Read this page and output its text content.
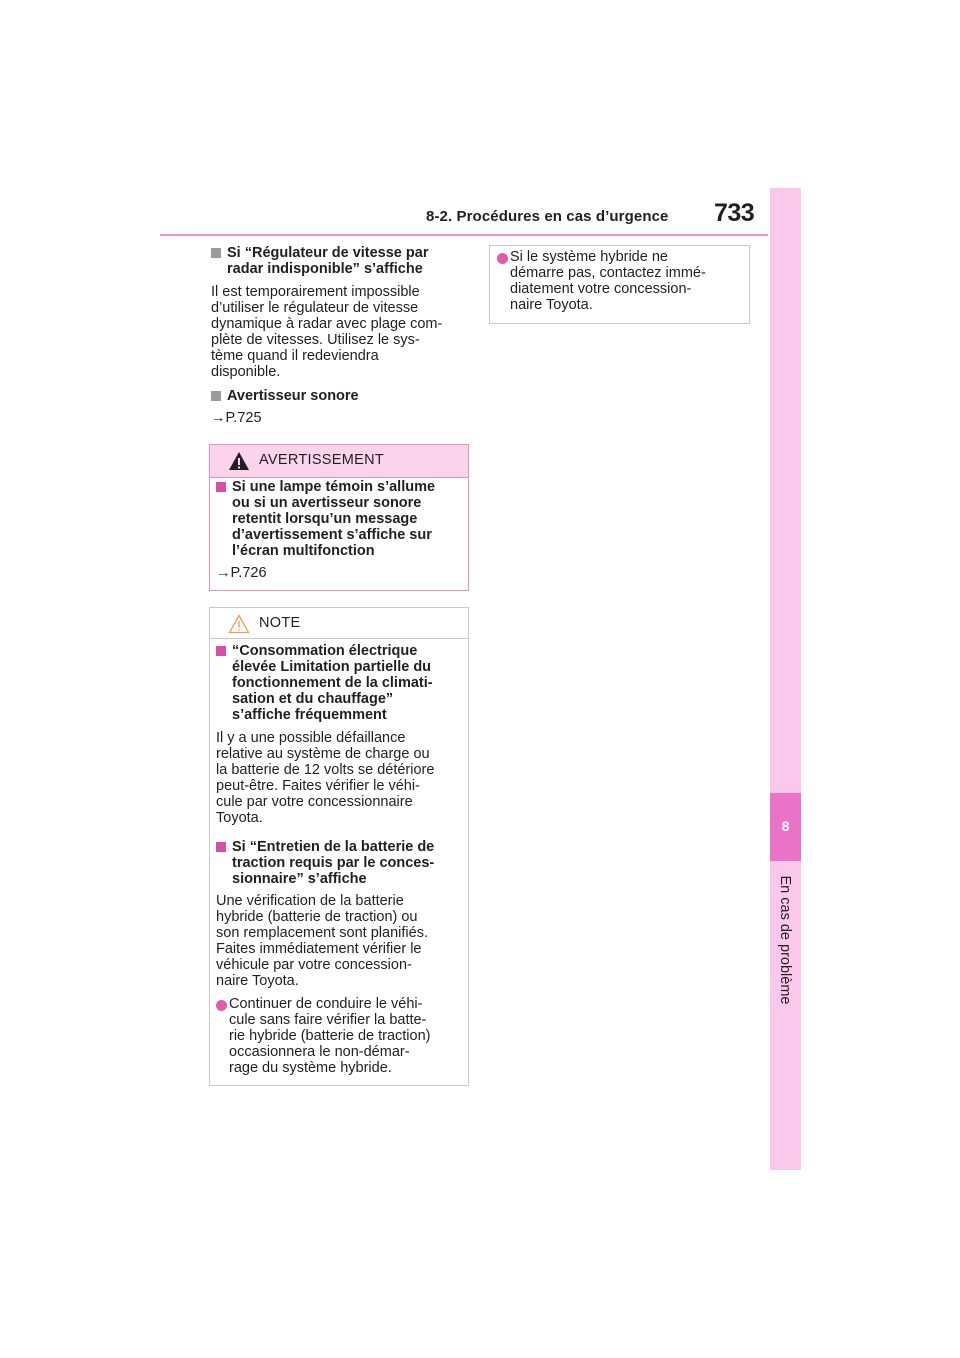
8-2. Procédures en cas d’urgence 733
8
En cas de problème
Si “Régulateur de vitesse par
radar indisponible” s’affiche
Il est temporairement impossible
d’utiliser le régulateur de vitesse
dynamique à radar avec plage com-
plète de vitesses. Utilisez le sys-
tème quand il redeviendra
disponible.
Avertisseur sonore
→P.725
AVERTISSEMENT
Si une lampe témoin s’allume
ou si un avertisseur sonore
retentit lorsqu’un message
d’avertissement s’affiche sur
l’écran multifonction
→P.726
NOTE
“Consommation électrique
élevée Limitation partielle du
fonctionnement de la climati-
sation et du chauffage”
s’affiche fréquemment
Il y a une possible défaillance
relative au système de charge ou
la batterie de 12 volts se détériore
peut-être. Faites vérifier le véhi-
cule par votre concessionnaire
Toyota.
Si “Entretien de la batterie de
traction requis par le conces-
sionnaire” s’affiche
Une vérification de la batterie
hybride (batterie de traction) ou
son remplacement sont planifiés.
Faites immédiatement vérifier le
véhicule par votre concession-
naire Toyota.
Continuer de conduire le véhi-
cule sans faire vérifier la batte-
rie hybride (batterie de traction)
occasionnera le non-démar-
rage du système hybride.
Si le système hybride ne
démarre pas, contactez immé-
diatement votre concession-
naire Toyota.
